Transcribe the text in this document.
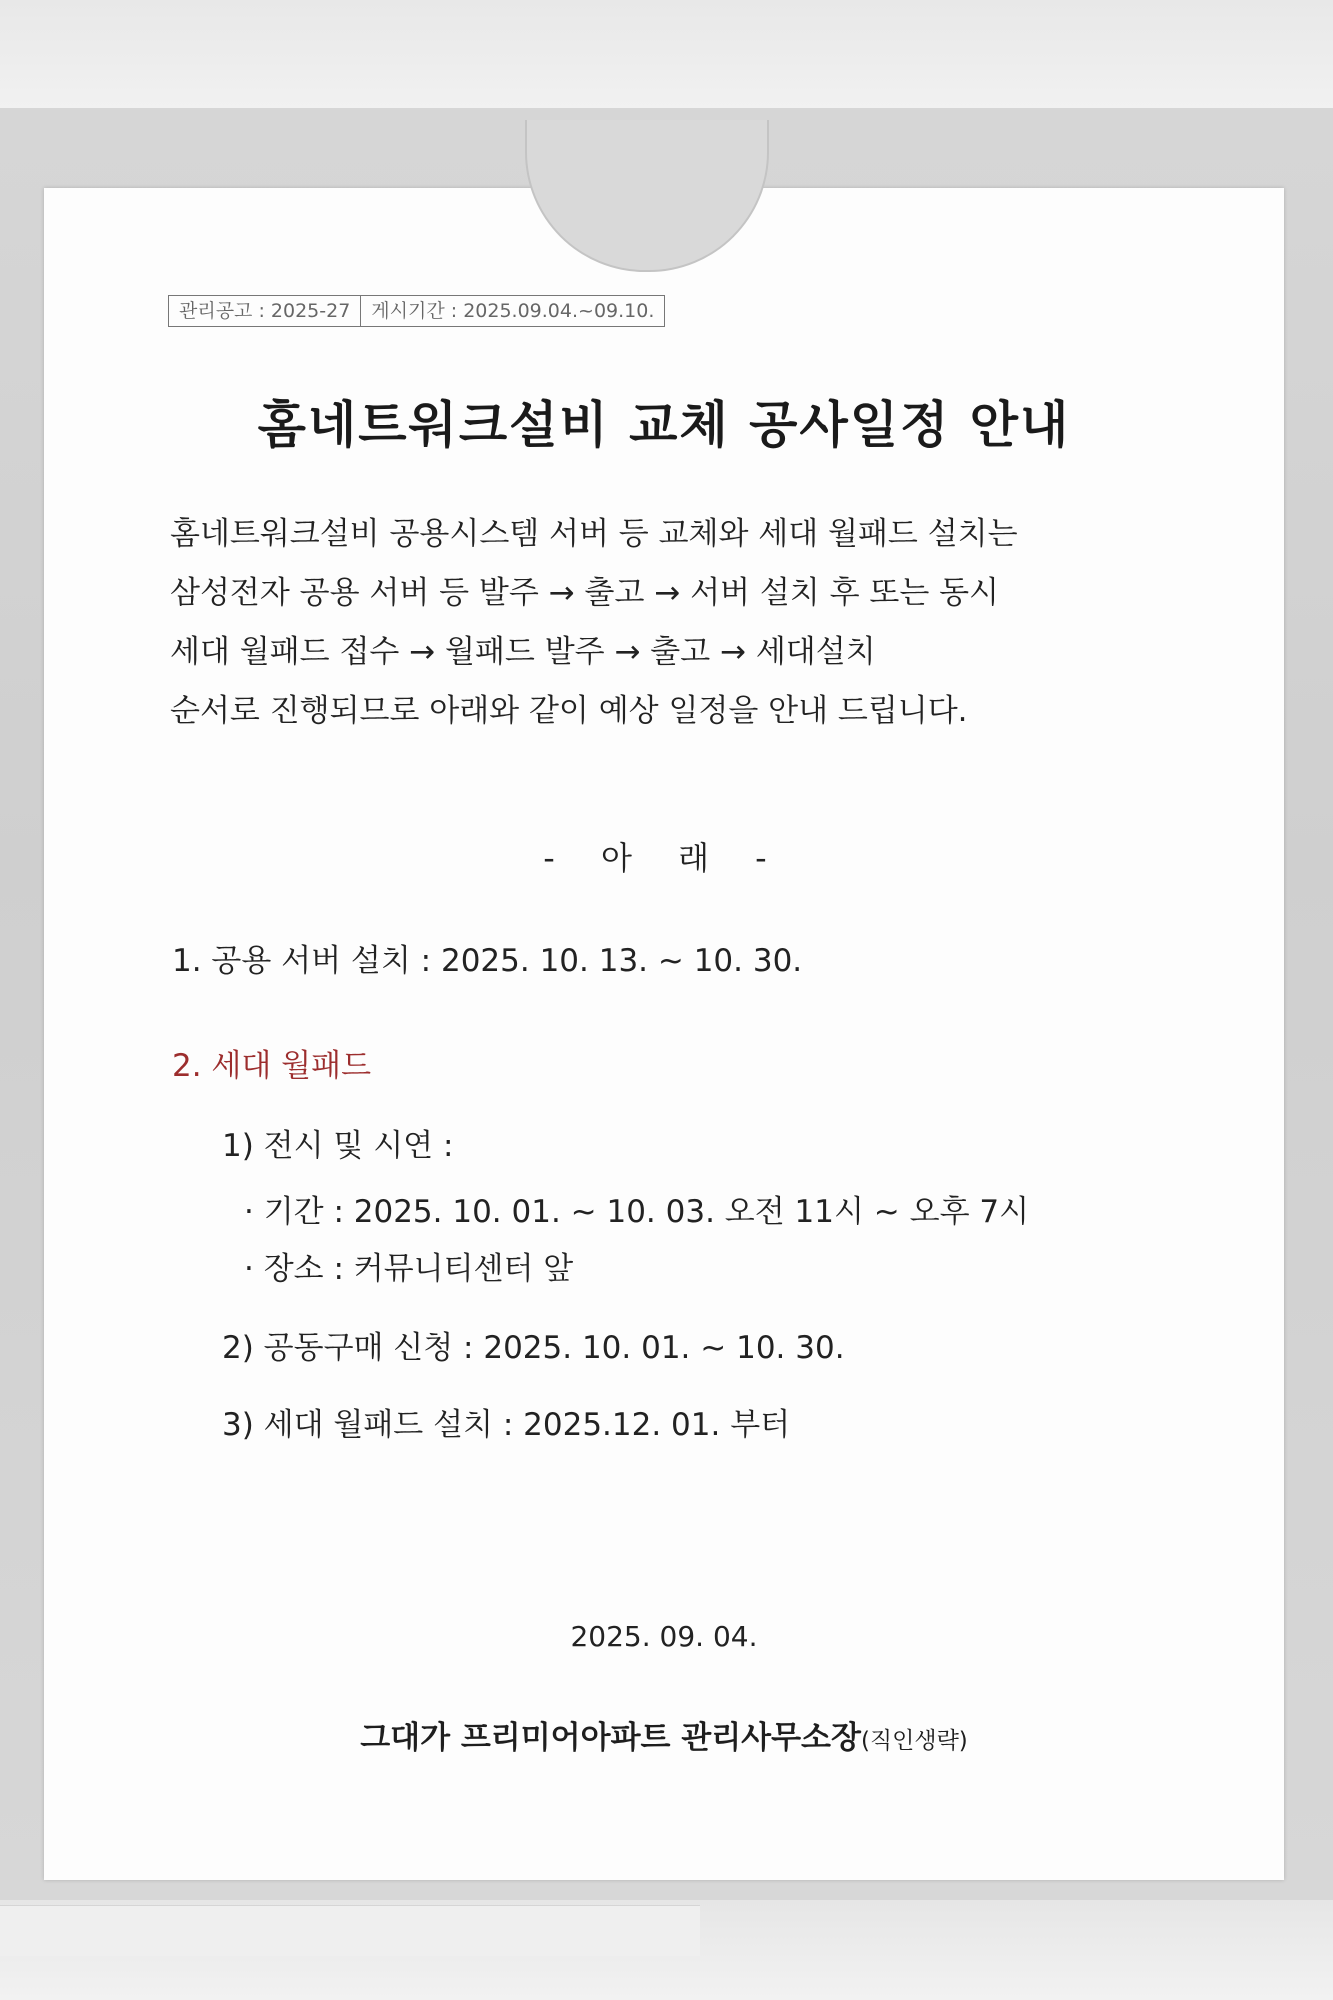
관리공고 : 2025-27	게시기간 : 2025.09.04.~09.10.
홈네트워크설비 교체 공사일정 안내
홈네트워크설비 공용시스템 서버 등 교체와 세대 월패드 설치는
삼성전자 공용 서버 등 발주 → 출고 → 서버 설치 후 또는 동시
세대 월패드 접수 → 월패드 발주 → 출고 → 세대설치
순서로 진행되므로 아래와 같이 예상 일정을 안내 드립니다.
- 아 래 -
1. 공용 서버 설치 : 2025. 10. 13. ~ 10. 30.
2. 세대 월패드
1) 전시 및 시연 :
· 기간 : 2025. 10. 01. ~ 10. 03. 오전 11시 ~ 오후 7시
· 장소 : 커뮤니티센터 앞
2) 공동구매 신청 : 2025. 10. 01. ~ 10. 30.
3) 세대 월패드 설치 : 2025.12. 01. 부터
2025. 09. 04.
그대가 프리미어아파트 관리사무소장(직인생략)
